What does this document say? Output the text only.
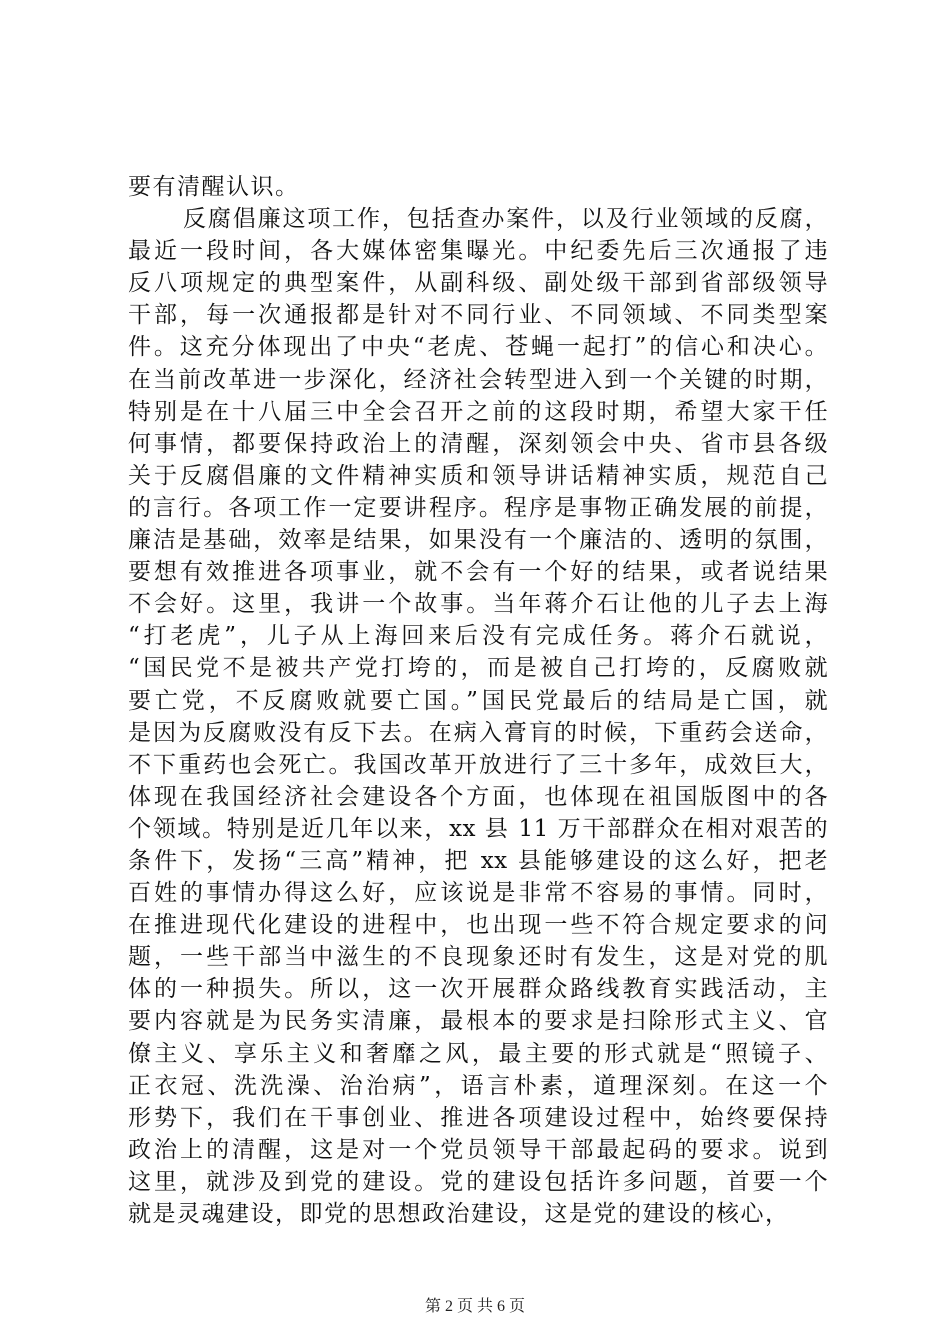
要有清醒认识。
反腐倡廉这项工作，包括查办案件，以及行业领域的反腐，
最近一段时间，各大媒体密集曝光。中纪委先后三次通报了违
反八项规定的典型案件，从副科级、副处级干部到省部级领导
干部，每一次通报都是针对不同行业、不同领域、不同类型案
件。这充分体现出了中央“老虎、苍蝇一起打”的信心和决心。
在当前改革进一步深化，经济社会转型进入到一个关键的时期，
特别是在十八届三中全会召开之前的这段时期，希望大家干任
何事情，都要保持政治上的清醒，深刻领会中央、省市县各级
关于反腐倡廉的文件精神实质和领导讲话精神实质，规范自己
的言行。各项工作一定要讲程序。程序是事物正确发展的前提，
廉洁是基础，效率是结果，如果没有一个廉洁的、透明的氛围，
要想有效推进各项事业，就不会有一个好的结果，或者说结果
不会好。这里，我讲一个故事。当年蒋介石让他的儿子去上海
“打老虎”，儿子从上海回来后没有完成任务。蒋介石就说，
“国民党不是被共产党打垮的，而是被自己打垮的，反腐败就
要亡党，不反腐败就要亡国。”国民党最后的结局是亡国，就
是因为反腐败没有反下去。在病入膏肓的时候，下重药会送命，
不下重药也会死亡。我国改革开放进行了三十多年，成效巨大，
体现在我国经济社会建设各个方面，也体现在祖国版图中的各
个领域。特别是近几年以来，xx 县 11 万干部群众在相对艰苦的
条件下，发扬“三高”精神，把 xx 县能够建设的这么好，把老
百姓的事情办得这么好，应该说是非常不容易的事情。同时，
在推进现代化建设的进程中，也出现一些不符合规定要求的问
题，一些干部当中滋生的不良现象还时有发生，这是对党的肌
体的一种损失。所以，这一次开展群众路线教育实践活动，主
要内容就是为民务实清廉，最根本的要求是扫除形式主义、官
僚主义、享乐主义和奢靡之风，最主要的形式就是“照镜子、
正衣冠、洗洗澡、治治病”，语言朴素，道理深刻。在这一个
形势下，我们在干事创业、推进各项建设过程中，始终要保持
政治上的清醒，这是对一个党员领导干部最起码的要求。说到
这里，就涉及到党的建设。党的建设包括许多问题，首要一个
就是灵魂建设，即党的思想政治建设，这是党的建设的核心，
第 2 页 共 6 页
